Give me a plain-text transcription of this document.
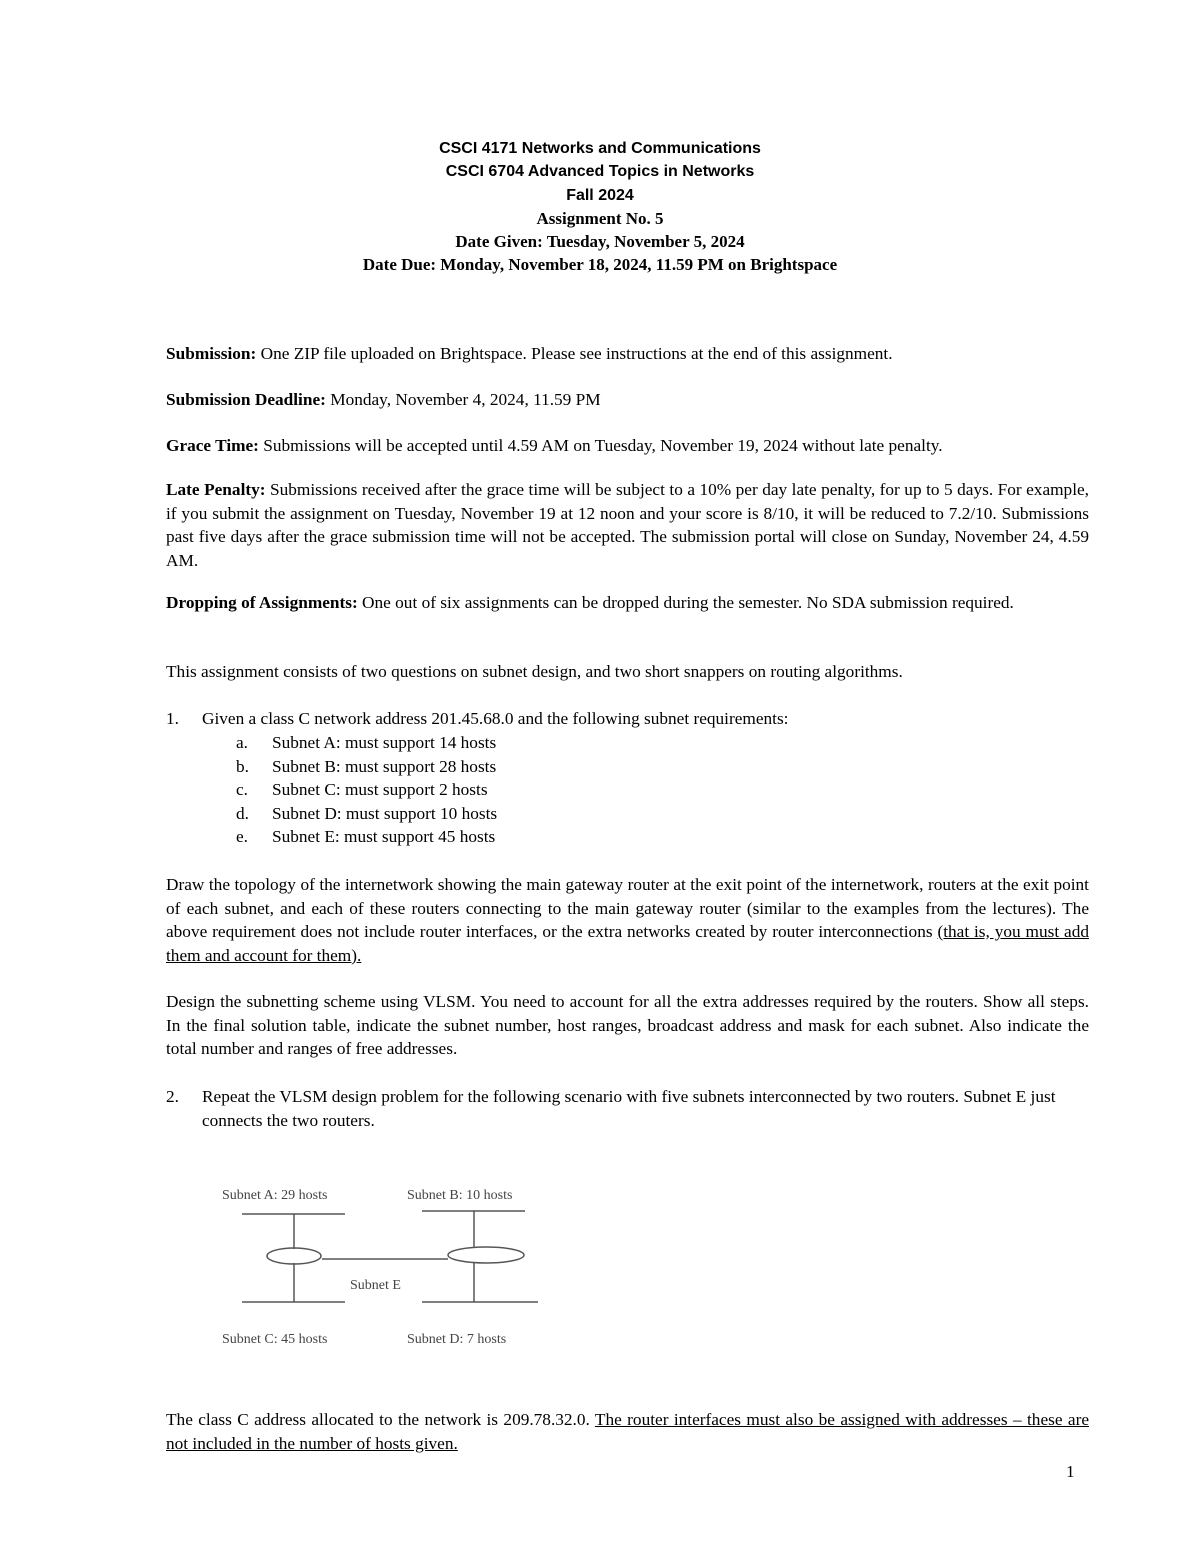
CSCI 4171 Networks and Communications
CSCI 6704 Advanced Topics in Networks
Fall 2024
Assignment No. 5
Date Given: Tuesday, November 5, 2024
Date Due: Monday, November 18, 2024, 11.59 PM on Brightspace
Submission: One ZIP file uploaded on Brightspace. Please see instructions at the end of this assignment.
Submission Deadline: Monday, November 4, 2024, 11.59 PM
Grace Time: Submissions will be accepted until 4.59 AM on Tuesday, November 19, 2024 without late penalty.
Late Penalty: Submissions received after the grace time will be subject to a 10% per day late penalty, for up to 5 days. For example, if you submit the assignment on Tuesday, November 19 at 12 noon and your score is 8/10, it will be reduced to 7.2/10. Submissions past five days after the grace submission time will not be accepted. The submission portal will close on Sunday, November 24, 4.59 AM.
Dropping of Assignments: One out of six assignments can be dropped during the semester. No SDA submission required.
This assignment consists of two questions on subnet design, and two short snappers on routing algorithms.
1. Given a class C network address 201.45.68.0 and the following subnet requirements:
a.	Subnet A: must support 14 hosts
b.	Subnet B: must support 28 hosts
c.	Subnet C: must support 2 hosts
d.	Subnet D: must support 10 hosts
e.	Subnet E: must support 45 hosts
Draw the topology of the internetwork showing the main gateway router at the exit point of the internetwork, routers at the exit point of each subnet, and each of these routers connecting to the main gateway router (similar to the examples from the lectures). The above requirement does not include router interfaces, or the extra networks created by router interconnections (that is, you must add them and account for them).
Design the subnetting scheme using VLSM. You need to account for all the extra addresses required by the routers. Show all steps. In the final solution table, indicate the subnet number, host ranges, broadcast address and mask for each subnet. Also indicate the total number and ranges of free addresses.
2. Repeat the VLSM design problem for the following scenario with five subnets interconnected by two routers. Subnet E just connects the two routers.
Subnet A: 29 hosts	Subnet B: 10 hosts
Subnet E
Subnet C: 45 hosts	Subnet D: 7 hosts
The class C address allocated to the network is 209.78.32.0. The router interfaces must also be assigned with addresses – these are not included in the number of hosts given.
1
